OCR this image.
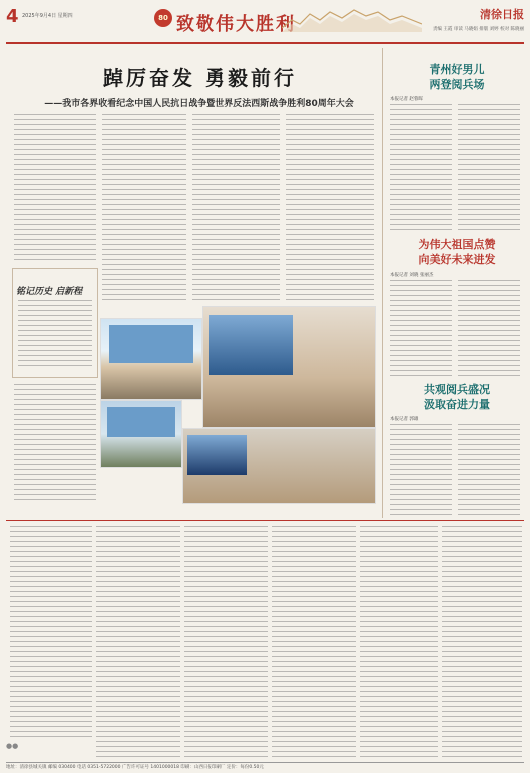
4 2025年9月4日 星期四	80 致敬伟大胜利	清徐日报
责编 王霞 审读 马晓娟 排版 刘婷 校对 陈晓丽
踔厉奋发 勇毅前行
——我市各界收看纪念中国人民抗日战争暨世界反法西斯战争胜利80周年大会
铭记历史 启新程
青州好男儿
两登阅兵场
本报记者 赵蓉晖
为伟大祖国点赞
向美好未来进发
本报记者 刘晓 张丽杰
共观阅兵盛况
汲取奋进力量
本报记者 郭雄
●●
地址：清徐县城关镇 邮编 030400 电话 0351-5722000 广告许可证号 1401000018 印刷：山西日报印刷厂 定价：每份0.50元
